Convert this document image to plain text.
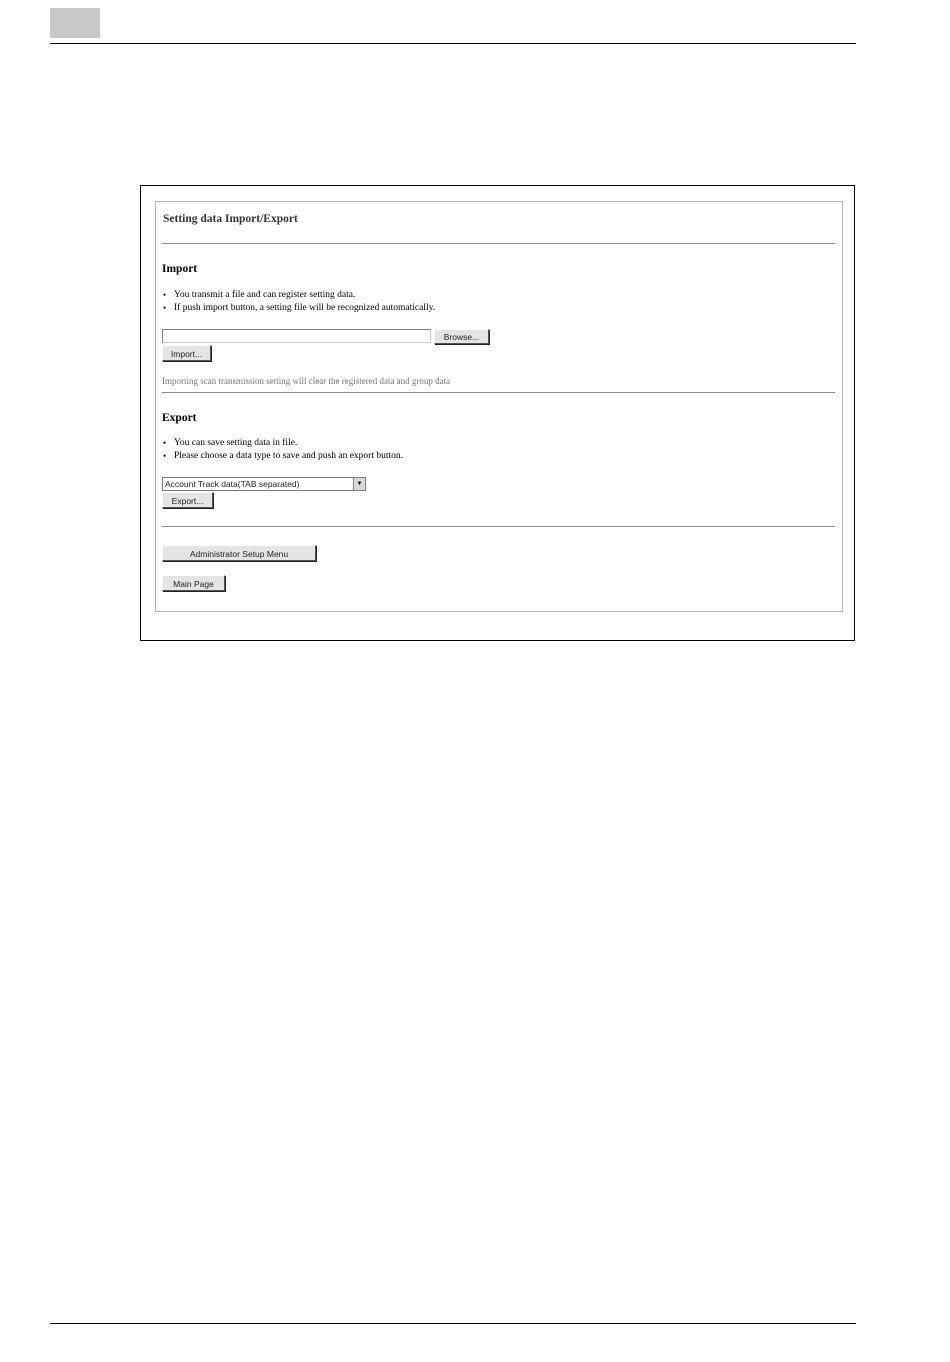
Setting data Import/Export
Import
• You transmit a file and can register setting data.
• If push import button, a setting file will be recognized automatically.
Browse...
Import...
Importing scan transmission setting will clear the registered data and group data
Export
• You can save setting data in file.
• Please choose a data type to save and push an export button.
Account Track data(TAB separated)	▼
Export...
Administrator Setup Menu
Main Page
